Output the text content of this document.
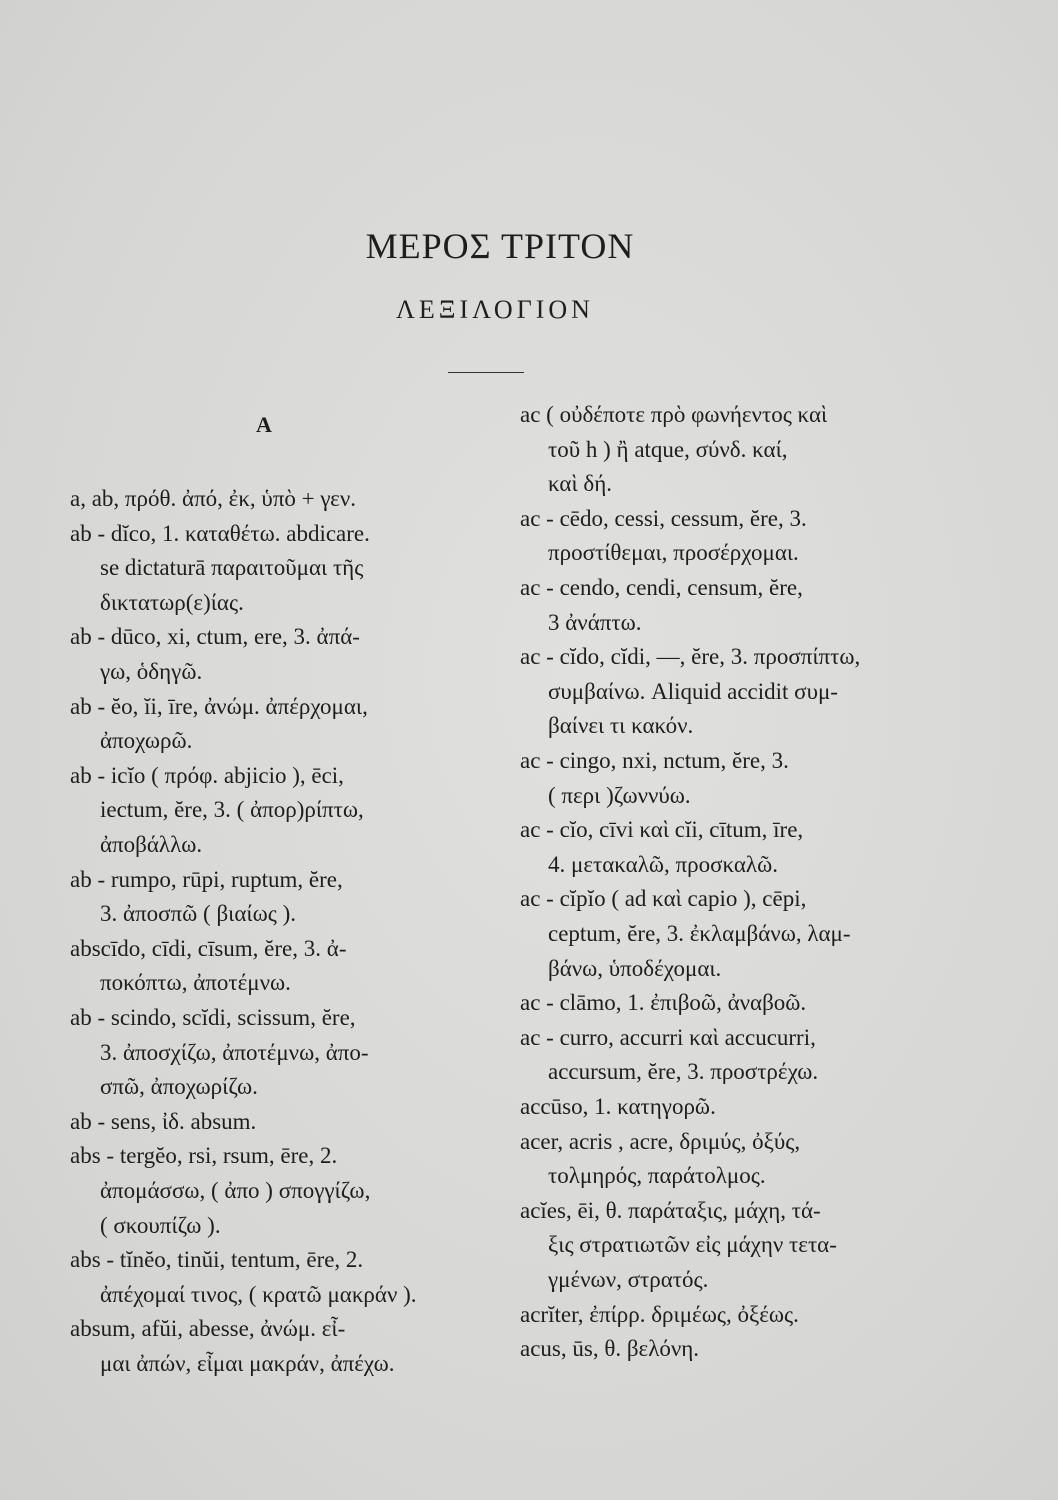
ΜΕΡΟΣ ΤΡΙΤΟΝ
ΛΕΞΙΛΟΓΙΟΝ
A
a, ab, πρόθ. ἀπό, ἐκ, ὑπὸ + γεν.
ab - dĭco, 1. καταθέτω. abdicare.
se dictaturā παραιτοῦμαι τῆς
δικτατωρ(ε)ίας.
ab - dūco, xi, ctum, ere, 3. ἀπά-
γω, ὁδηγῶ.
ab - ĕo, ĭi, īre, ἀνώμ. ἀπέρχομαι,
ἀποχωρῶ.
ab - icĭo ( πρόφ. abjicio ), ēci,
iectum, ĕre, 3. ( ἀπορ)ρίπτω,
ἀποβάλλω.
ab - rumpo, rūpi, ruptum, ĕre,
3. ἀποσπῶ ( βιαίως ).
abscīdo, cīdi, cīsum, ĕre, 3. ἀ-
ποκόπτω, ἀποτέμνω.
ab - scindo, scĭdi, scissum, ĕre,
3. ἀποσχίζω, ἀποτέμνω, ἀπο-
σπῶ, ἀποχωρίζω.
ab - sens, ἰδ. absum.
abs - tergĕo, rsi, rsum, ēre, 2.
ἀπομάσσω, ( ἀπο ) σπογγίζω,
( σκουπίζω ).
abs - tĭnĕo, tinŭi, tentum, ēre, 2.
ἀπέχομαί τινος, ( κρατῶ μακράν ).
absum, afŭi, abesse, ἀνώμ. εἶ-
μαι ἀπών, εἶμαι μακράν, ἀπέχω.
ac ( οὐδέποτε πρὸ φωνήεντος καὶ
τοῦ h ) ἢ atque, σύνδ. καί,
καὶ δή.
ac - cēdo, cessi, cessum, ĕre, 3.
προστίθεμαι, προσέρχομαι.
ac - cendo, cendi, censum, ĕre,
3 ἀνάπτω.
ac - cĭdo, cĭdi, —, ĕre, 3. προσπίπτω,
συμβαίνω. Aliquid accidit συμ-
βαίνει τι κακόν.
ac - cingo, nxi, nctum, ĕre, 3.
( περι )ζωννύω.
ac - cĭo, cīvi καὶ cĭi, cītum, īre,
4. μετακαλῶ, προσκαλῶ.
ac - cĭpĭo ( ad καὶ capio ), cēpi,
ceptum, ĕre, 3. ἐκλαμβάνω, λαμ-
βάνω, ὑποδέχομαι.
ac - clāmo, 1. ἐπιβοῶ, ἀναβοῶ.
ac - curro, accurri καὶ accucurri,
accursum, ĕre, 3. προστρέχω.
accūso, 1. κατηγορῶ.
acer, acris , acre, δριμύς, ὀξύς,
τολμηρός, παράτολμος.
acĭes, ēi, θ. παράταξις, μάχη, τά-
ξις στρατιωτῶν εἰς μάχην τετα-
γμένων, στρατός.
acrĭter, ἐπίρρ. δριμέως, ὀξέως.
acus, ūs, θ. βελόνη.
